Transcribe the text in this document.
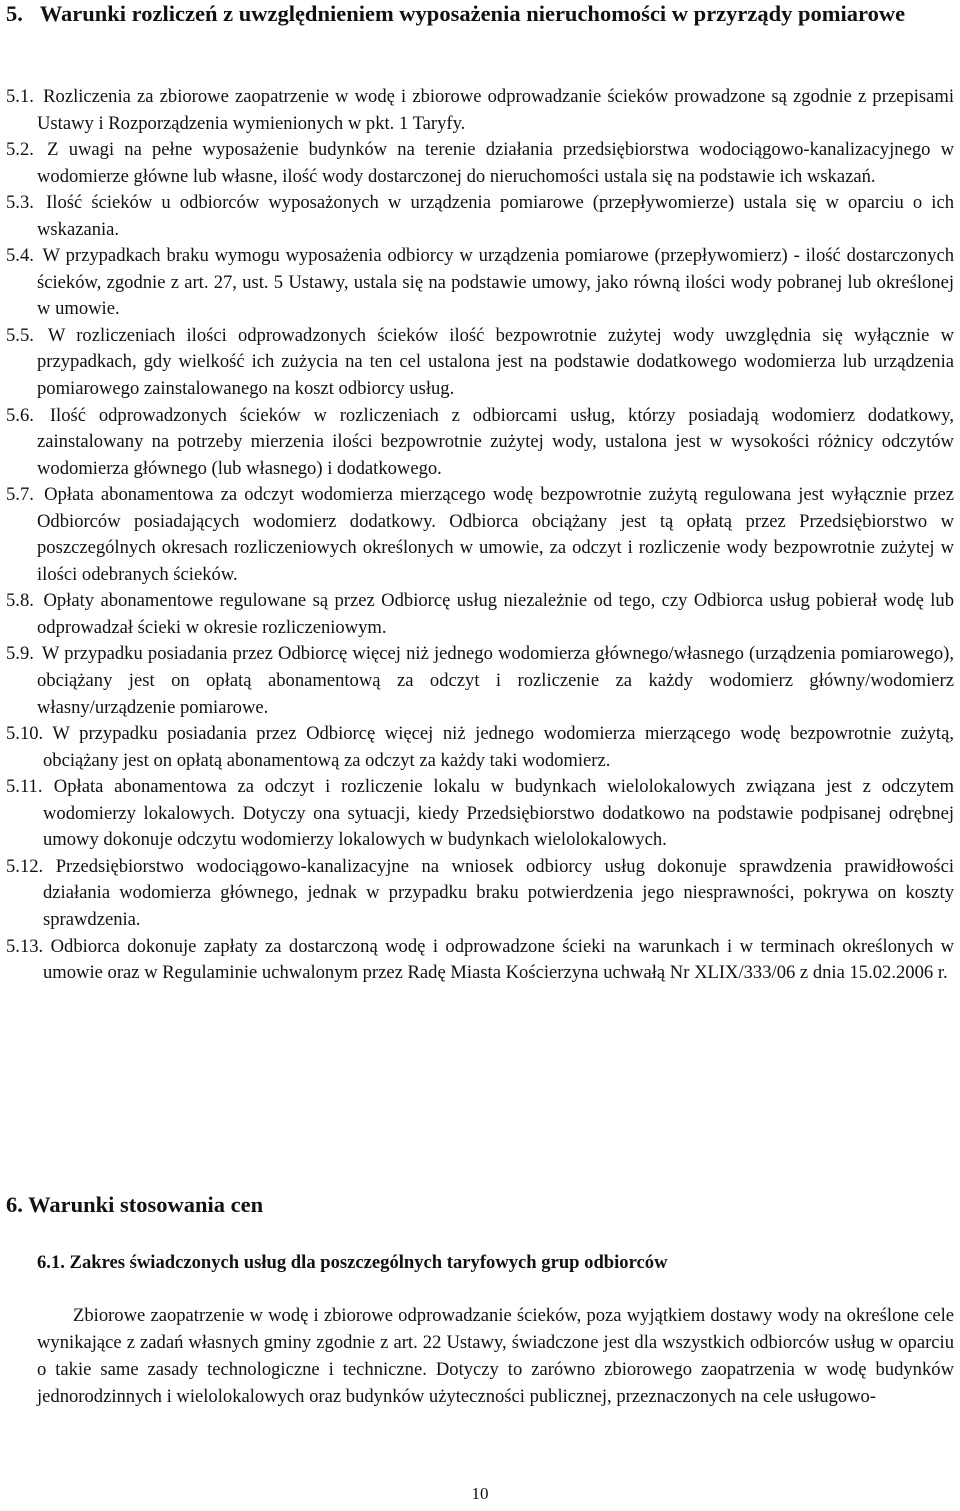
5. Warunki rozliczeń z uwzględnieniem wyposażenia nieruchomości w przyrządy pomiarowe

5.1. Rozliczenia za zbiorowe zaopatrzenie w wodę i zbiorowe odprowadzanie ścieków prowadzone są zgodnie z przepisami Ustawy i Rozporządzenia wymienionych w pkt. 1 Taryfy.

5.2. Z uwagi na pełne wyposażenie budynków na terenie działania przedsiębiorstwa wodociągowo-kanalizacyjnego w wodomierze główne lub własne, ilość wody dostarczonej do nieruchomości ustala się na podstawie ich wskazań.

5.3. Ilość ścieków u odbiorców wyposażonych w urządzenia pomiarowe (przepływomierze) ustala się w oparciu o ich wskazania.

5.4. W przypadkach braku wymogu wyposażenia odbiorcy w urządzenia pomiarowe (przepływomierz) - ilość dostarczonych ścieków, zgodnie z art. 27, ust. 5 Ustawy, ustala się na podstawie umowy, jako równą ilości wody pobranej lub określonej w umowie.

5.5. W rozliczeniach ilości odprowadzonych ścieków ilość bezpowrotnie zużytej wody uwzględnia się wyłącznie w przypadkach, gdy wielkość ich zużycia na ten cel ustalona jest na podstawie dodatkowego wodomierza lub urządzenia pomiarowego zainstalowanego na koszt odbiorcy usług.

5.6. Ilość odprowadzonych ścieków w rozliczeniach z odbiorcami usług, którzy posiadają wodomierz dodatkowy, zainstalowany na potrzeby mierzenia ilości bezpowrotnie zużytej wody, ustalona jest w wysokości różnicy odczytów wodomierza głównego (lub własnego) i dodatkowego.

5.7. Opłata abonamentowa za odczyt wodomierza mierzącego wodę bezpowrotnie zużytą regulowana jest wyłącznie przez Odbiorców posiadających wodomierz dodatkowy. Odbiorca obciążany jest tą opłatą przez Przedsiębiorstwo w poszczególnych okresach rozliczeniowych określonych w umowie, za odczyt i rozliczenie wody bezpowrotnie zużytej w ilości odebranych ścieków.

5.8. Opłaty abonamentowe regulowane są przez Odbiorcę usług niezależnie od tego, czy Odbiorca usług pobierał wodę lub odprowadzał ścieki w okresie rozliczeniowym.

5.9. W przypadku posiadania przez Odbiorcę więcej niż jednego wodomierza głównego/własnego (urządzenia pomiarowego), obciążany jest on opłatą abonamentową za odczyt i rozliczenie za każdy wodomierz główny/wodomierz własny/urządzenie pomiarowe.

5.10. W przypadku posiadania przez Odbiorcę więcej niż jednego wodomierza mierzącego wodę bezpowrotnie zużytą, obciążany jest on opłatą abonamentową za odczyt za każdy taki wodomierz.

5.11. Opłata abonamentowa za odczyt i rozliczenie lokalu w budynkach wielolokalowych związana jest z odczytem wodomierzy lokalowych. Dotyczy ona sytuacji, kiedy Przedsiębiorstwo dodatkowo na podstawie podpisanej odrębnej umowy dokonuje odczytu wodomierzy lokalowych w budynkach wielolokalowych.

5.12. Przedsiębiorstwo wodociągowo-kanalizacyjne na wniosek odbiorcy usług dokonuje sprawdzenia prawidłowości działania wodomierza głównego, jednak w przypadku braku potwierdzenia jego niesprawności, pokrywa on koszty sprawdzenia.

5.13. Odbiorca dokonuje zapłaty za dostarczoną wodę i odprowadzone ścieki na warunkach i w terminach określonych w umowie oraz w Regulaminie uchwalonym przez Radę Miasta Kościerzyna uchwałą Nr XLIX/333/06 z dnia 15.02.2006 r.

6. Warunki stosowania cen
6.1. Zakres świadczonych usług dla poszczególnych taryfowych grup odbiorców

Zbiorowe zaopatrzenie w wodę i zbiorowe odprowadzanie ścieków, poza wyjątkiem dostawy wody na określone cele wynikające z zadań własnych gminy zgodnie z art. 22 Ustawy, świadczone jest dla wszystkich odbiorców usług w oparciu o takie same zasady technologiczne i techniczne. Dotyczy to zarówno zbiorowego zaopatrzenia w wodę budynków jednorodzinnych i wielolokalowych oraz budynków użyteczności publicznej, przeznaczonych na cele usługowo-

10
